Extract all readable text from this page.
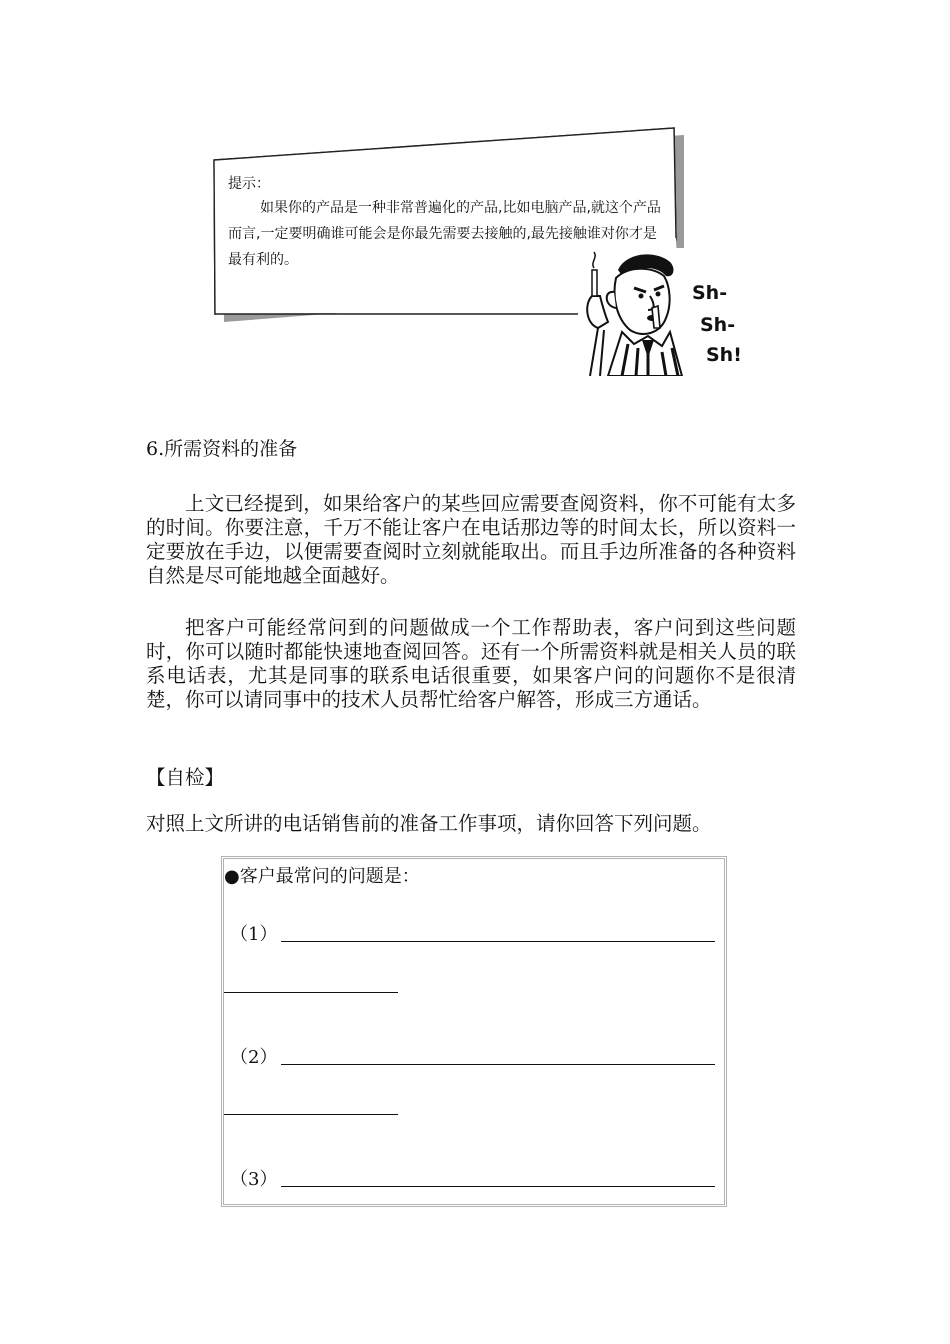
提示：
如果你的产品是一种非常普遍化的产品,比如电脑产品,就这个产品而言,一定要明确谁可能会是你最先需要去接触的,最先接触谁对你才是最有利的。
Sh-
Sh-
Sh!
6.所需资料的准备

上文已经提到，如果给客户的某些回应需要查阅资料，你不可能有太多的时间。你要注意，千万不能让客户在电话那边等的时间太长，所以资料一定要放在手边，以便需要查阅时立刻就能取出。而且手边所准备的各种资料自然是尽可能地越全面越好。

把客户可能经常问到的问题做成一个工作帮助表，客户问到这些问题时，你可以随时都能快速地查阅回答。还有一个所需资料就是相关人员的联系电话表，尤其是同事的联系电话很重要，如果客户问的问题你不是很清楚，你可以请同事中的技术人员帮忙给客户解答，形成三方通话。

【自检】

对照上文所讲的电话销售前的准备工作事项，请你回答下列问题。

●客户最常问的问题是：
（1）
（2）
（3）
